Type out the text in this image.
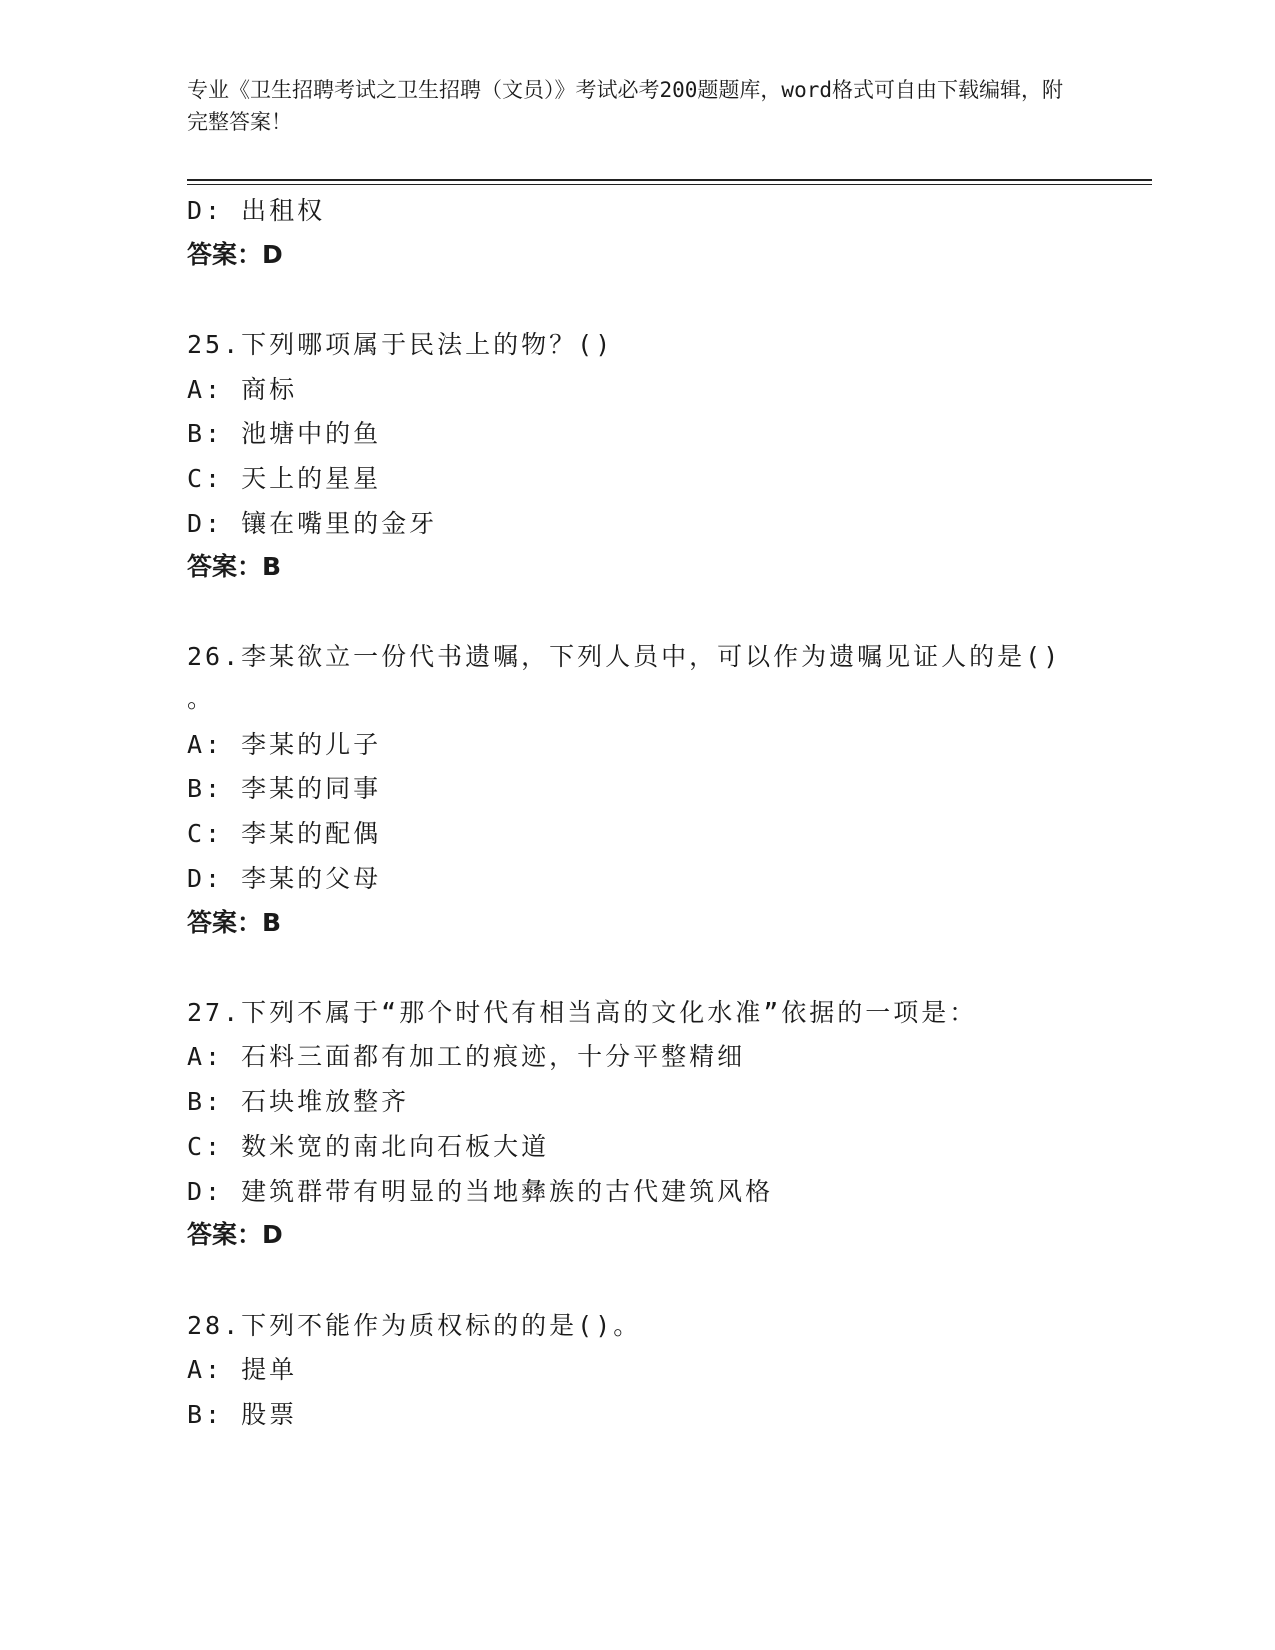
专业《卫生招聘考试之卫生招聘（文员）》考试必考200题题库，word格式可自由下载编辑，附完整答案！
D: 出租权
答案：D
25.下列哪项属于民法上的物？()
A: 商标
B: 池塘中的鱼
C: 天上的星星
D: 镶在嘴里的金牙
答案：B
26.李某欲立一份代书遗嘱，下列人员中，可以作为遗嘱见证人的是()
。
A: 李某的儿子
B: 李某的同事
C: 李某的配偶
D: 李某的父母
答案：B
27.下列不属于“那个时代有相当高的文化水准”依据的一项是：
A: 石料三面都有加工的痕迹，十分平整精细
B: 石块堆放整齐
C: 数米宽的南北向石板大道
D: 建筑群带有明显的当地彝族的古代建筑风格
答案：D
28.下列不能作为质权标的的是()。
A: 提单
B: 股票
